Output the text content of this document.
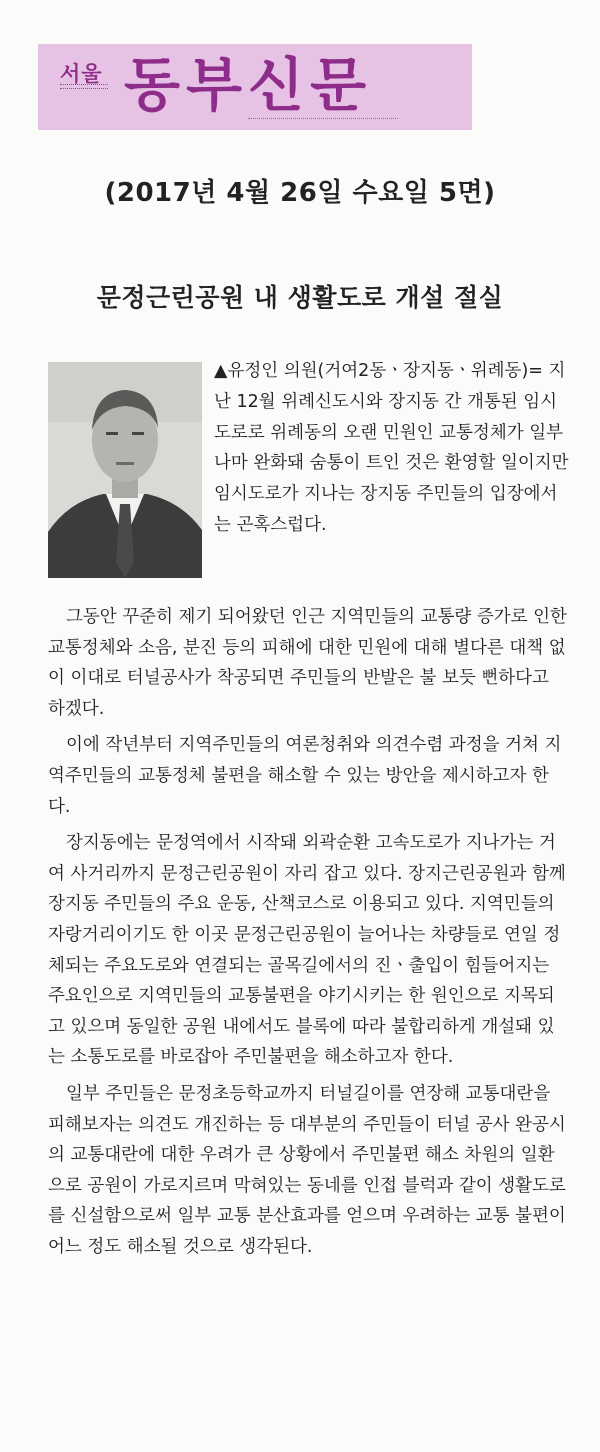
서울 동부신문
(2017년 4월 26일 수요일 5면)
문정근린공원 내 생활도로 개설 절실

▲유정인 의원(거여2동ㆍ장지동ㆍ위례동)= 지난 12월 위례신도시와 장지동 간 개통된 임시도로로 위례동의 오랜 민원인 교통정체가 일부나마 완화돼 숨통이 트인 것은 환영할 일이지만 임시도로가 지나는 장지동 주민들의 입장에서는 곤혹스럽다.

그동안 꾸준히 제기 되어왔던 인근 지역민들의 교통량 증가로 인한 교통정체와 소음, 분진 등의 피해에 대한 민원에 대해 별다른 대책 없이 이대로 터널공사가 착공되면 주민들의 반발은 불 보듯 뻔하다고 하겠다.

이에 작년부터 지역주민들의 여론청취와 의견수렴 과정을 거쳐 지역주민들의 교통정체 불편을 해소할 수 있는 방안을 제시하고자 한다.

장지동에는 문정역에서 시작돼 외곽순환 고속도로가 지나가는 거여 사거리까지 문정근린공원이 자리 잡고 있다. 장지근린공원과 함께 장지동 주민들의 주요 운동, 산책코스로 이용되고 있다. 지역민들의 자랑거리이기도 한 이곳 문정근린공원이 늘어나는 차량들로 연일 정체되는 주요도로와 연결되는 골목길에서의 진ㆍ출입이 힘들어지는 주요인으로 지역민들의 교통불편을 야기시키는 한 원인으로 지목되고 있으며 동일한 공원 내에서도 블록에 따라 불합리하게 개설돼 있는 소통도로를 바로잡아 주민불편을 해소하고자 한다.

일부 주민들은 문정초등학교까지 터널길이를 연장해 교통대란을 피해보자는 의견도 개진하는 등 대부분의 주민들이 터널 공사 완공시의 교통대란에 대한 우려가 큰 상황에서 주민불편 해소 차원의 일환으로 공원이 가로지르며 막혀있는 동네를 인접 블럭과 같이 생활도로를 신설함으로써 일부 교통 분산효과를 얻으며 우려하는 교통 불편이 어느 정도 해소될 것으로 생각된다.
